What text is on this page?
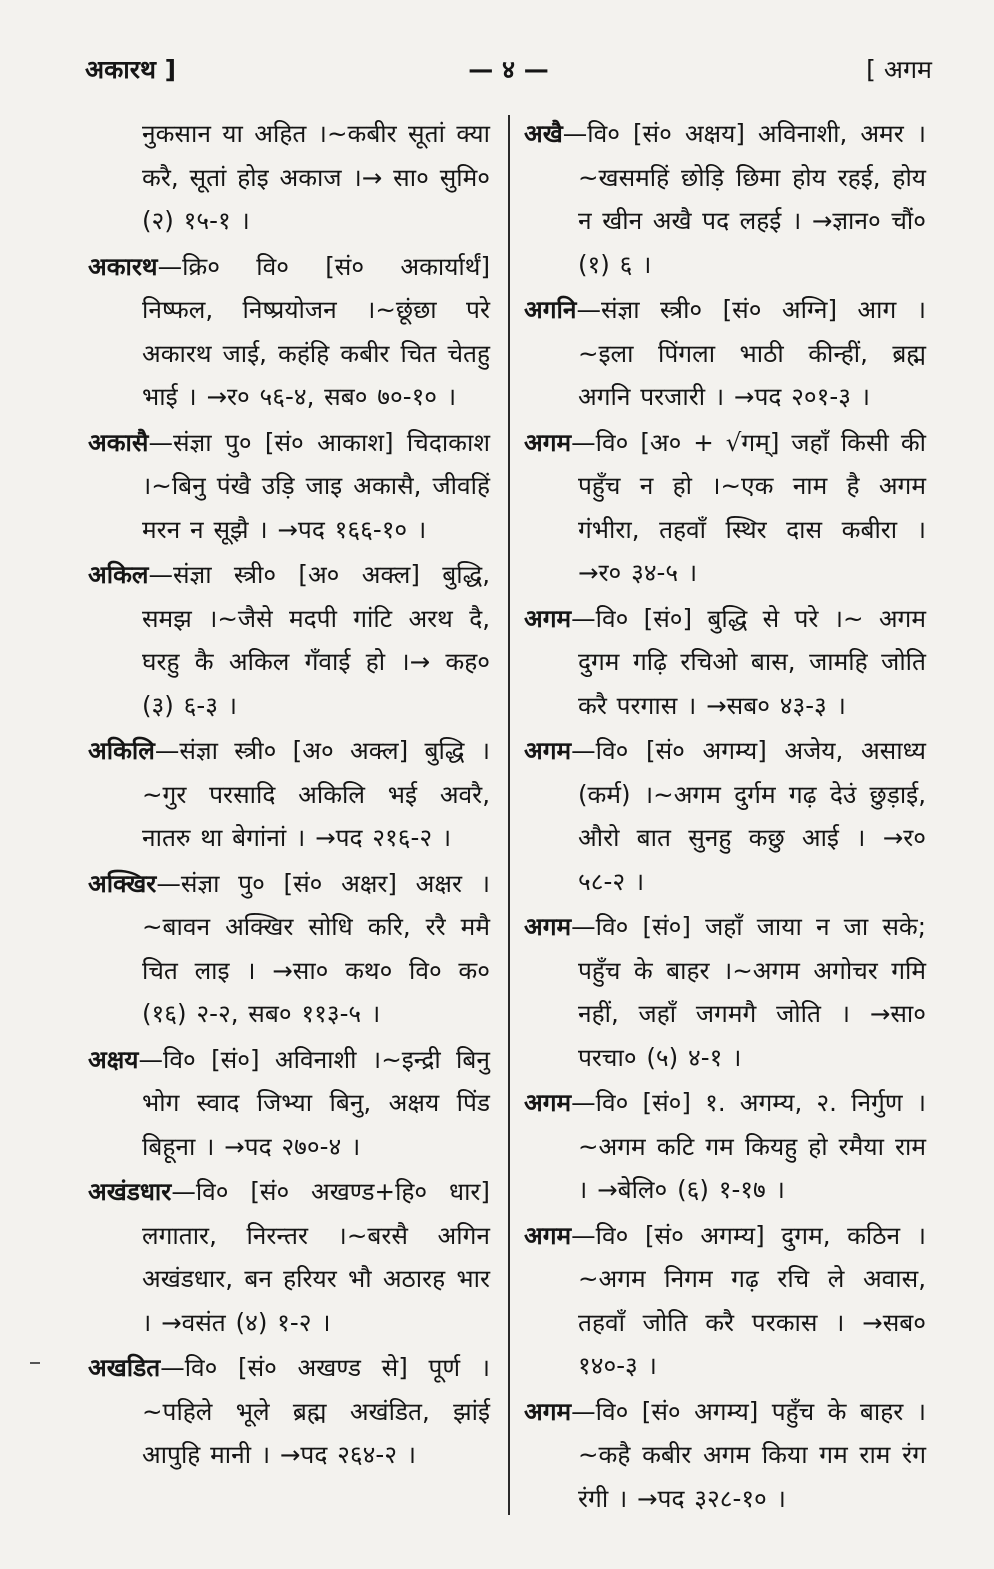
अकारथ ]	— ४ —	[ अगम

नुकसान या अहित ।~कबीर सूतां क्या करै, सूतां होइ अकाज ।→ सा० सुमि० (२) १५-१ ।

अकारथ—क्रि० वि० [सं० अकार्यार्थं] निष्फल, निष्प्रयोजन ।~छूंछा परे अकारथ जाई, कहंहि कबीर चित चेतहु भाई । →र० ५६-४, सब० ७०-१० ।

अकासै—संज्ञा पु० [सं० आकाश] चिदाकाश ।~बिनु पंखै उड़ि जाइ अकासै, जीवहिं मरन न सूझै । →पद १६६-१० ।

अकिल—संज्ञा स्त्री० [अ० अक्ल] बुद्धि, समझ ।~जैसे मदपी गांटि अरथ दै, घरहु कै अकिल गँवाई हो ।→ कह० (३) ६-३ ।

अकिलि—संज्ञा स्त्री० [अ० अक्ल] बुद्धि । ~गुर परसादि अकिलि भई अवरै, नातरु था बेगांनां । →पद २१६-२ ।

अक्खिर—संज्ञा पु० [सं० अक्षर] अक्षर । ~बावन अक्खिर सोधि करि, ररै ममै चित लाइ । →सा० कथ० वि० क० (१६) २-२, सब० ११३-५ ।

अक्षय—वि० [सं०] अविनाशी ।~इन्द्री बिनु भोग स्वाद जिभ्या बिनु, अक्षय पिंड बिहूना । →पद २७०-४ ।

अखंडधार—वि० [सं० अखण्ड+हि० धार] लगातार, निरन्तर ।~बरसै अगिन अखंडधार, बन हरियर भौ अठारह भार । →वसंत (४) १-२ ।

अखडित—वि० [सं० अखण्ड से] पूर्ण । ~पहिले भूले ब्रह्म अखंडित, झांई आपुहि मानी । →पद २६४-२ ।

अखै—वि० [सं० अक्षय] अविनाशी, अमर ।~खसमहिं छोड़ि छिमा होय रहई, होय न खीन अखै पद लहई । →ज्ञान० चौं० (१) ६ ।

अगनि—संज्ञा स्त्री० [सं० अग्नि] आग । ~इला पिंगला भाठी कीन्हीं, ब्रह्म अगनि परजारी । →पद २०१-३ ।

अगम—वि० [अ० + √गम्] जहाँ किसी की पहुँच न हो ।~एक नाम है अगम गंभीरा, तहवाँ स्थिर दास कबीरा । →र० ३४-५ ।

अगम—वि० [सं०] बुद्धि से परे ।~ अगम दुगम गढ़ि रचिओ बास, जामहि जोति करै परगास । →सब० ४३-३ ।

अगम—वि० [सं० अगम्य] अजेय, असाध्य (कर्म) ।~अगम दुर्गम गढ़ देउं छुड़ाई, औरो बात सुनहु कछु आई । →र० ५८-२ ।

अगम—वि० [सं०] जहाँ जाया न जा सके; पहुँच के बाहर ।~अगम अगोचर गमि नहीं, जहाँ जगमगै जोति । →सा० परचा० (५) ४-१ ।

अगम—वि० [सं०] १. अगम्य, २. निर्गुण । ~अगम कटि गम कियहु हो रमैया राम । →बेलि० (६) १-१७ ।

अगम—वि० [सं० अगम्य] दुगम, कठिन । ~अगम निगम गढ़ रचि ले अवास, तहवाँ जोति करै परकास । →सब० १४०-३ ।

अगम—वि० [सं० अगम्य] पहुँच के बाहर । ~कहै कबीर अगम किया गम राम रंग रंगी । →पद ३२८-१० ।
